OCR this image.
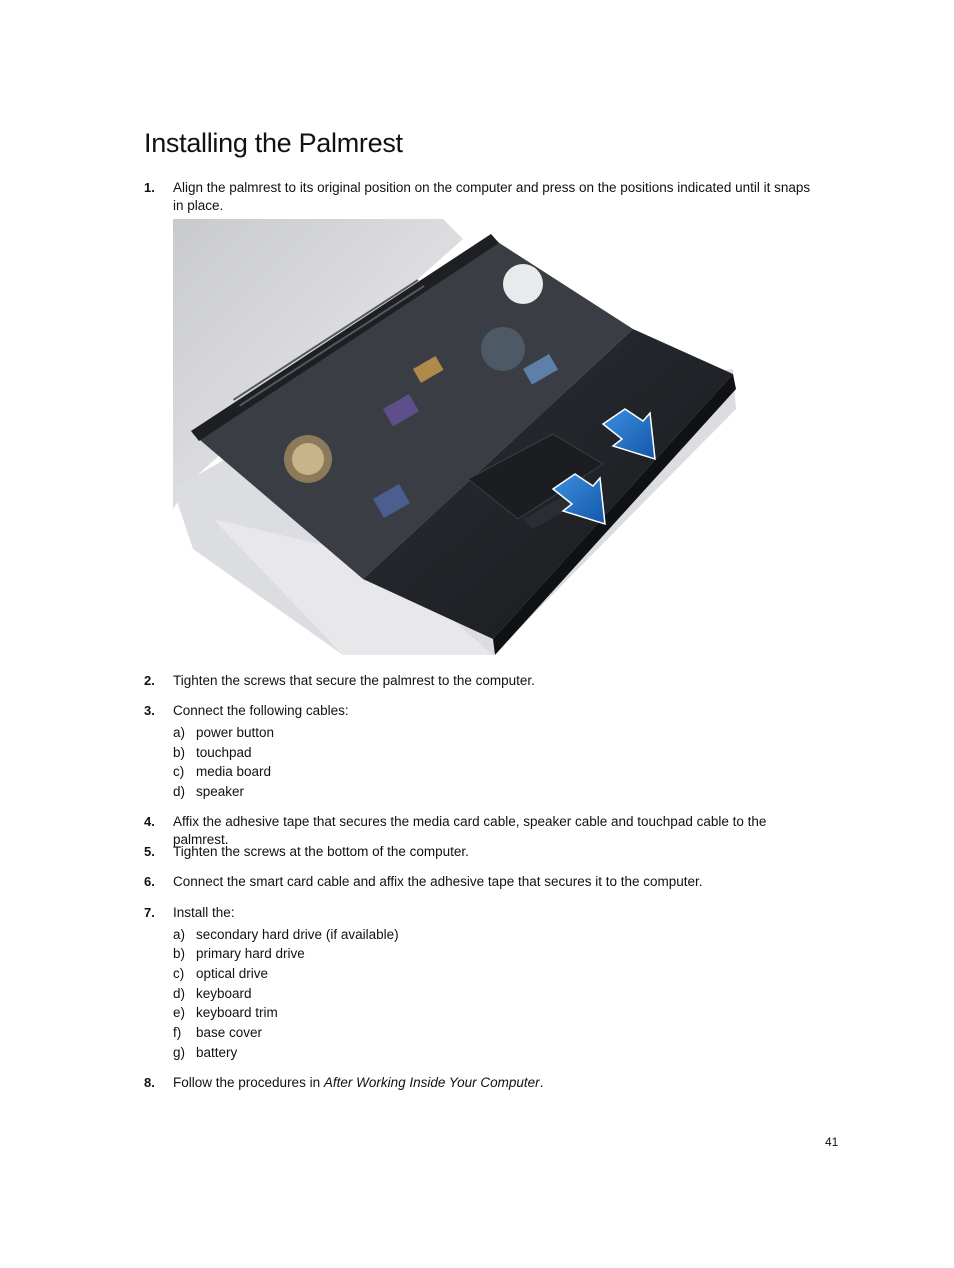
Installing the Palmrest
1. Align the palmrest to its original position on the computer and press on the positions indicated until it snaps in place.
2. Tighten the screws that secure the palmrest to the computer.
3. Connect the following cables:
a) power button
b) touchpad
c) media board
d) speaker
4. Affix the adhesive tape that secures the media card cable, speaker cable and touchpad cable to the palmrest.
5. Tighten the screws at the bottom of the computer.
6. Connect the smart card cable and affix the adhesive tape that secures it to the computer.
7. Install the:
a) secondary hard drive (if available)
b) primary hard drive
c) optical drive
d) keyboard
e) keyboard trim
f) base cover
g) battery
8. Follow the procedures in After Working Inside Your Computer.
41
